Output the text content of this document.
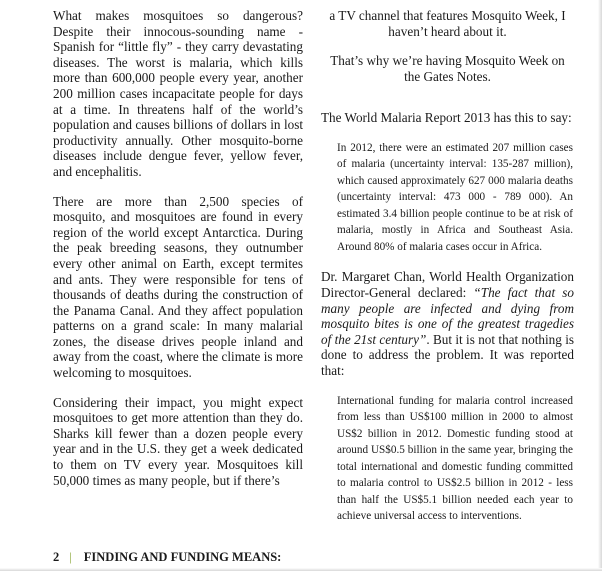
What makes mosquitoes so dangerous? Despite their innocous-sounding name - Spanish for “little fly” - they carry devastating diseases. The worst is malaria, which kills more than 600,000 people every year, another 200 million cases incapacitate people for days at a time. In threatens half of the world’s population and causes billions of dollars in lost productivity annually. Other mosquito-borne diseases include dengue fever, yellow fever, and encephalitis.

There are more than 2,500 species of mosquito, and mosquitoes are found in every region of the world except Antarctica. During the peak breeding seasons, they outnumber every other animal on Earth, except termites and ants. They were responsible for tens of thousands of deaths during the construction of the Panama Canal. And they affect population patterns on a grand scale: In many malarial zones, the disease drives people inland and away from the coast, where the climate is more welcoming to mosquitoes.

Considering their impact, you might expect mosquitoes to get more attention than they do. Sharks kill fewer than a dozen people every year and in the U.S. they get a week dedicated to them on TV every year. Mosquitoes kill 50,000 times as many people, but if there’s

a TV channel that features Mosquito Week, I haven’t heard about it.

That’s why we’re having Mosquito Week on the Gates Notes.

The World Malaria Report 2013 has this to say:

In 2012, there were an estimated 207 million cases of malaria (uncertainty interval: 135-287 million), which caused approximately 627 000 malaria deaths (uncertainty interval: 473 000 - 789 000). An estimated 3.4 billion people continue to be at risk of malaria, mostly in Africa and Southeast Asia. Around 80% of malaria cases occur in Africa.

Dr. Margaret Chan, World Health Organization Director-General declared: “The fact that so many people are infected and dying from mosquito bites is one of the greatest tragedies of the 21st century”. But it is not that nothing is done to address the problem. It was reported that:

International funding for malaria control increased from less than US$100 million in 2000 to almost US$2 billion in 2012. Domestic funding stood at around US$0.5 billion in the same year, bringing the total international and domestic funding committed to malaria control to US$2.5 billion in 2012 - less than half the US$5.1 billion needed each year to achieve universal access to interventions.

2 | FINDING AND FUNDING MEANS:
